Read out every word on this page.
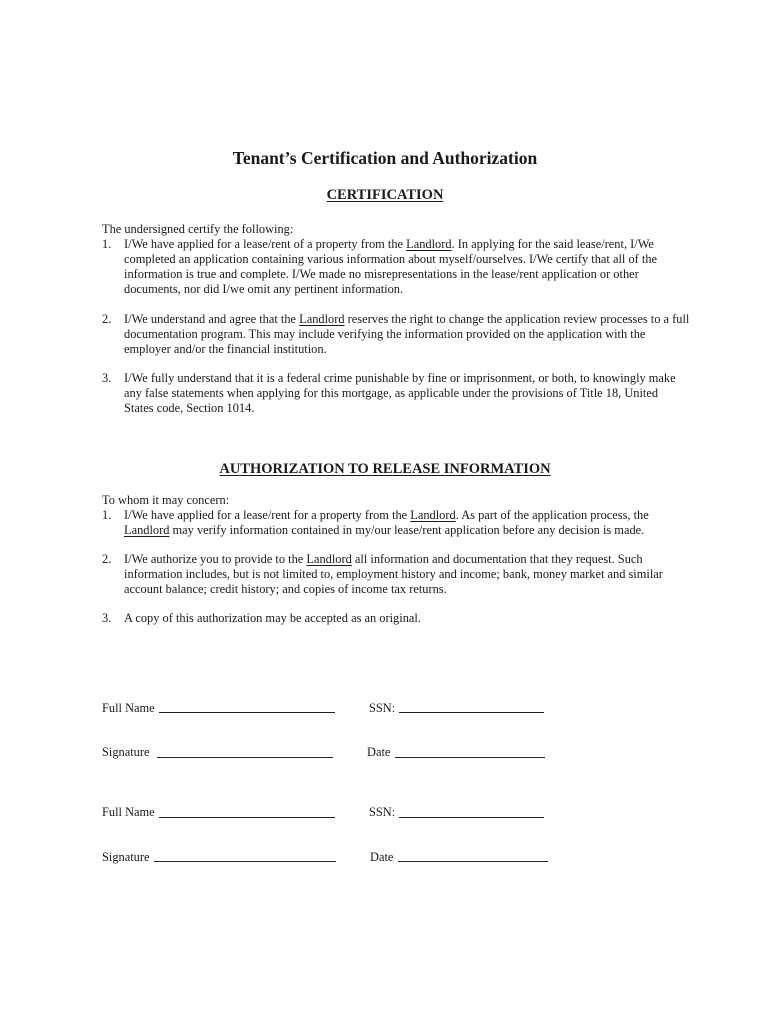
Tenant’s Certification and Authorization
CERTIFICATION
The undersigned certify the following:
1. I/We have applied for a lease/rent of a property from the Landlord. In applying for the said lease/rent, I/We completed an application containing various information about myself/ourselves. I/We certify that all of the information is true and complete. I/We made no misrepresentations in the lease/rent application or other documents, nor did I/we omit any pertinent information.
2. I/We understand and agree that the Landlord reserves the right to change the application review processes to a full documentation program. This may include verifying the information provided on the application with the employer and/or the financial institution.
3. I/We fully understand that it is a federal crime punishable by fine or imprisonment, or both, to knowingly make any false statements when applying for this mortgage, as applicable under the provisions of Title 18, United States code, Section 1014.
AUTHORIZATION TO RELEASE INFORMATION
To whom it may concern:
1. I/We have applied for a lease/rent for a property from the Landlord. As part of the application process, the Landlord may verify information contained in my/our lease/rent application before any decision is made.
2. I/We authorize you to provide to the Landlord all information and documentation that they request. Such information includes, but is not limited to, employment history and income; bank, money market and similar account balance; credit history; and copies of income tax returns.
3. A copy of this authorization may be accepted as an original.
Full Name	SSN:
Signature	Date
Full Name	SSN:
Signature	Date
